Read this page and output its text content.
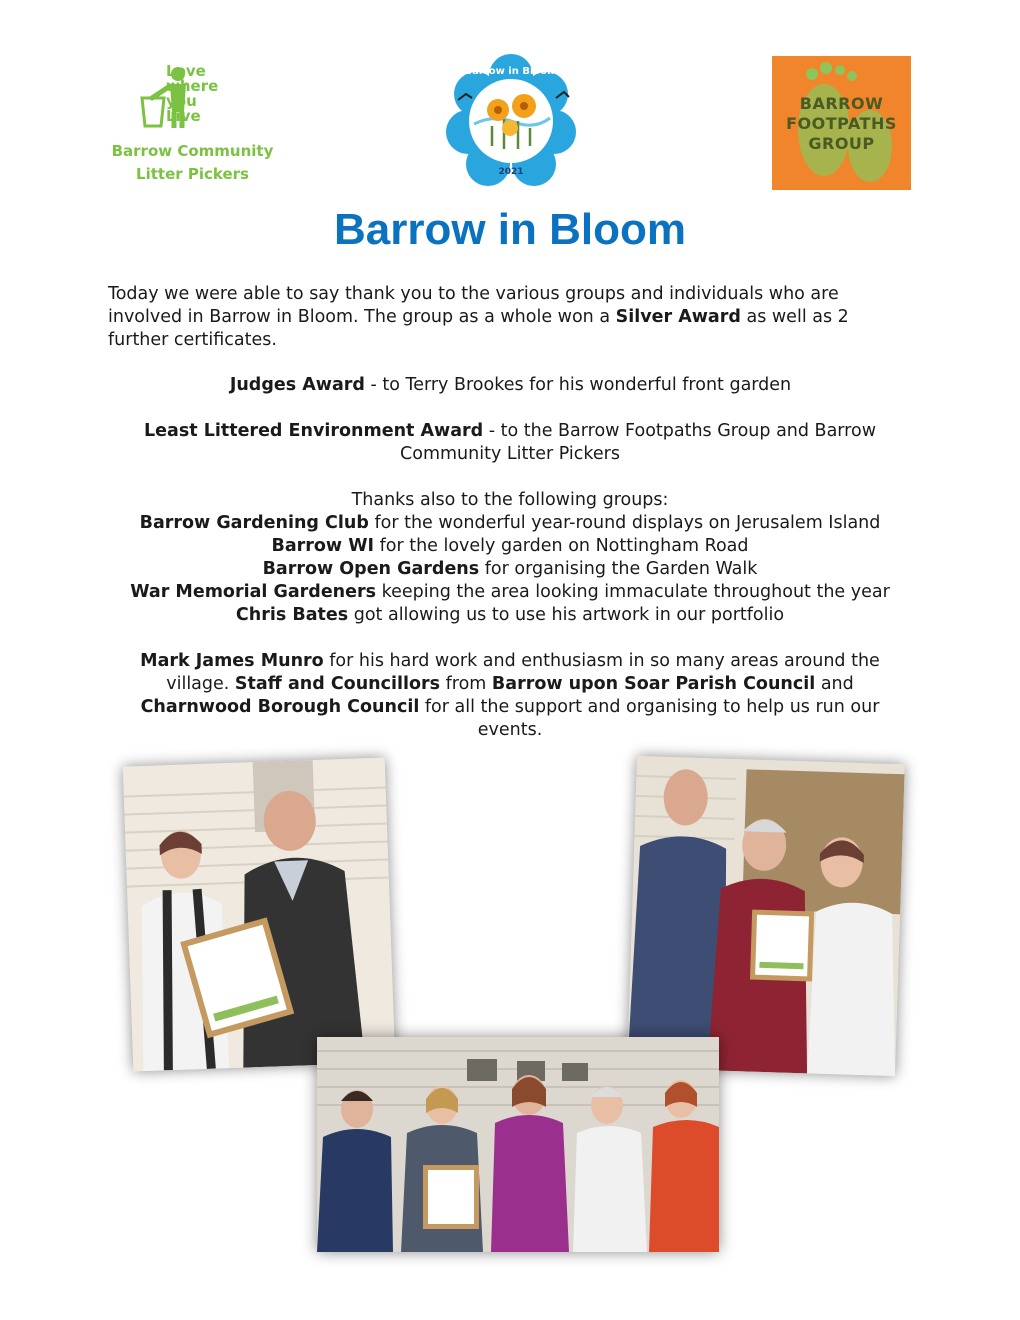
Love
where
you
Live
Barrow Community
Litter Pickers
Barrow in Bloom
2021
BARROW
FOOTPATHS
GROUP
Barrow in Bloom
Today we were able to say thank you to the various groups and individuals who are involved in Barrow in Bloom. The group as a whole won a Silver Award as well as 2 further certificates.
Judges Award - to Terry Brookes for his wonderful front garden
Least Littered Environment Award - to the Barrow Footpaths Group and Barrow Community Litter Pickers
Thanks also to the following groups:
Barrow Gardening Club for the wonderful year-round displays on Jerusalem Island
Barrow WI for the lovely garden on Nottingham Road
Barrow Open Gardens for organising the Garden Walk
War Memorial Gardeners keeping the area looking immaculate throughout the year
Chris Bates got allowing us to use his artwork in our portfolio
Mark James Munro for his hard work and enthusiasm in so many areas around the village. Staff and Councillors from Barrow upon Soar Parish Council and Charnwood Borough Council for all the support and organising to help us run our events.
